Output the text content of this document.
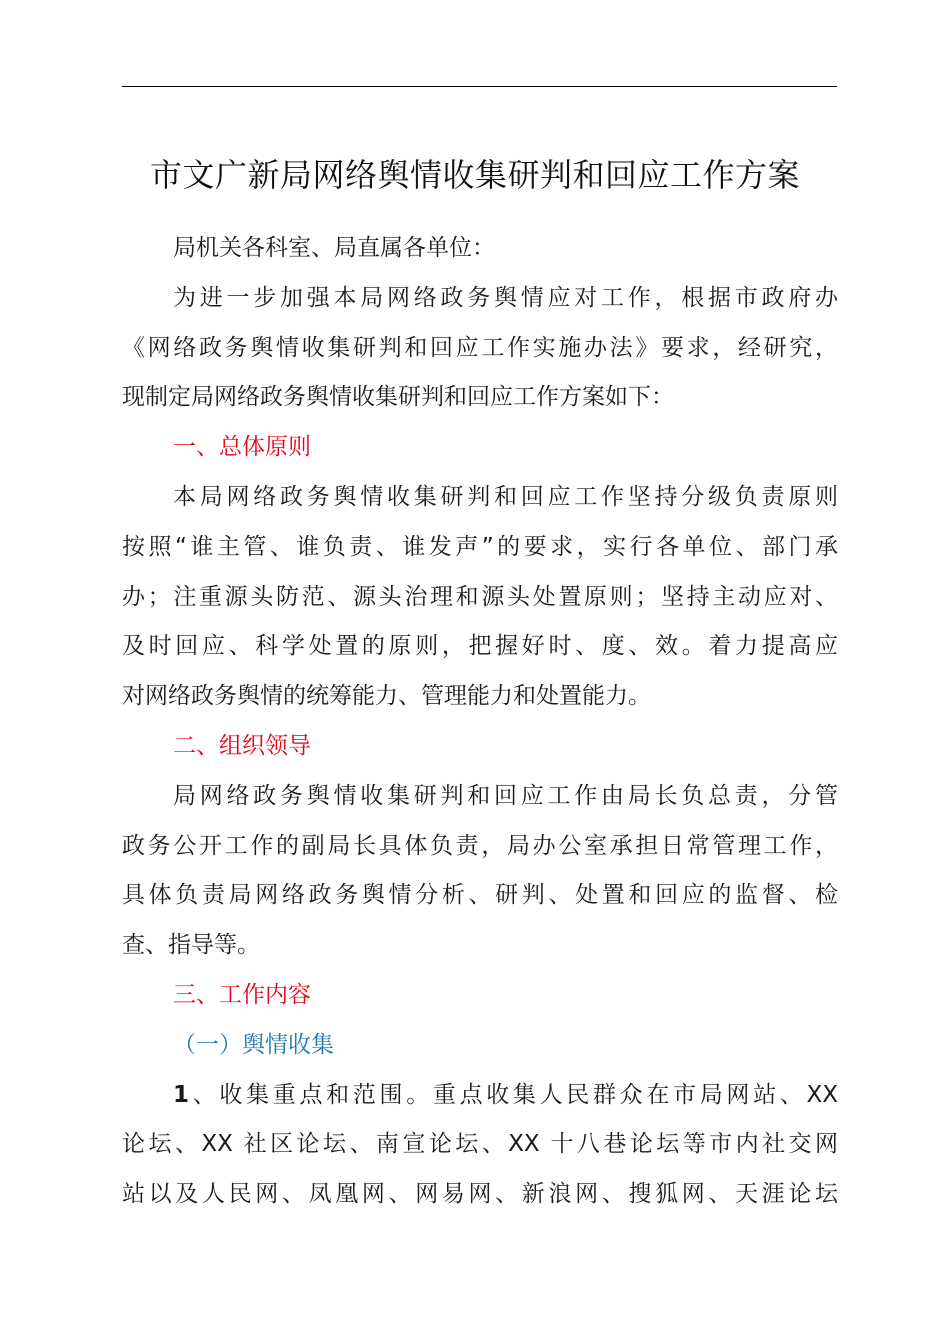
市文广新局网络舆情收集研判和回应工作方案

局机关各科室、局直属各单位：

为进一步加强本局网络政务舆情应对工作，根据市政府办

《网络政务舆情收集研判和回应工作实施办法》要求，经研究，

现制定局网络政务舆情收集研判和回应工作方案如下：

一、总体原则

本局网络政务舆情收集研判和回应工作坚持分级负责原则

按照“谁主管、谁负责、谁发声”的要求，实行各单位、部门承

办；注重源头防范、源头治理和源头处置原则；坚持主动应对、

及时回应、科学处置的原则，把握好时、度、效。着力提高应

对网络政务舆情的统筹能力、管理能力和处置能力。

二、组织领导

局网络政务舆情收集研判和回应工作由局长负总责，分管

政务公开工作的副局长具体负责，局办公室承担日常管理工作，

具体负责局网络政务舆情分析、研判、处置和回应的监督、检

查、指导等。

三、工作内容

（一）舆情收集

1、收集重点和范围。重点收集人民群众在市局网站、XX

论坛、XX 社区论坛、南宣论坛、XX 十八巷论坛等市内社交网

站以及人民网、凤凰网、网易网、新浪网、搜狐网、天涯论坛
